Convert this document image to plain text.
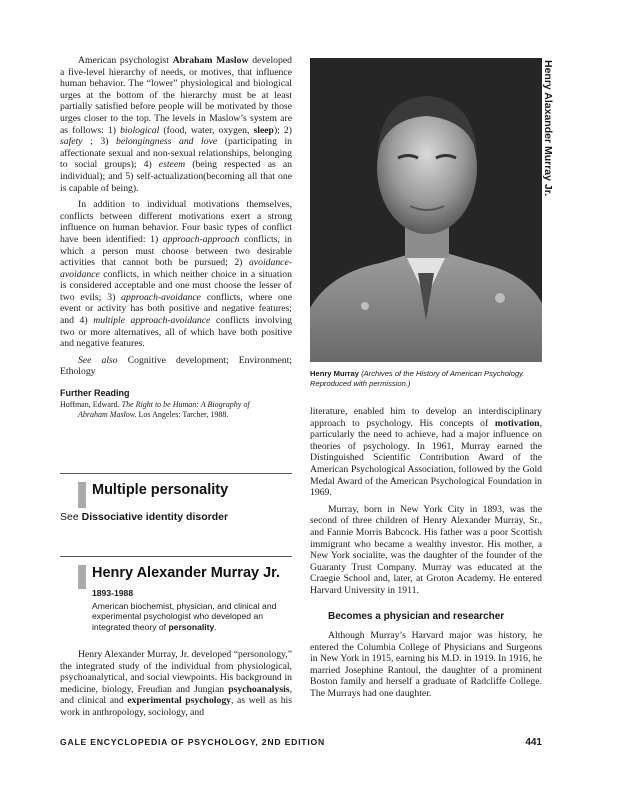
Henry Alaxander Murray Jr.

American psychologist Abraham Maslow developed a five-level hierarchy of needs, or motives, that influence human behavior. The “lower” physiological and biological urges at the bottom of the hierarchy must be at least partially satisfied before people will be motivated by those urges closer to the top. The levels in Maslow’s system are as follows: 1) biological (food, water, oxygen, sleep); 2) safety ; 3) belongingness and love (participating in affectionate sexual and non-sexual relationships, belonging to social groups); 4) esteem (being respected as an individual); and 5) self-actualization(becoming all that one is capable of being).

In addition to individual motivations themselves, conflicts between different motivations exert a strong influence on human behavior. Four basic types of conflict have been identified: 1) approach-approach conflicts, in which a person must choose between two desirable activities that cannot both be pursued; 2) avoidance-avoidance conflicts, in which neither choice in a situation is considered acceptable and one must choose the lesser of two evils; 3) approach-avoidance conflicts, where one event or activity has both positive and negative features; and 4) multiple approach-avoidance conflicts involving two or more alternatives, all of which have both positive and negative features.

See also Cognitive development; Environment; Ethology

Further Reading
Hoffman, Edward. The Right to be Human: A Biography of
Abraham Maslow. Los Angeles: Tarcher, 1988.
Multiple personality
See Dissociative identity disorder
Henry Alexander Murray Jr.
1893-1988
American biochemist, physician, and clinical and experimental psychologist who developed an integrated theory of personality.

Henry Alexander Murray, Jr. developed “personology,” the integrated study of the individual from physiological, psychoanalytical, and social viewpoints. His background in medicine, biology, Freudian and Jungian psychoanalysis, and clinical and experimental psychology, as well as his work in anthropology, sociology, and

Henry Murray (Archives of the History of American Psychology. Reproduced with permission.)

literature, enabled him to develop an interdisciplinary approach to psychology. His concepts of motivation, particularly the need to achieve, had a major influence on theories of psychology. In 1961, Murray earned the Distinguished Scientific Contribution Award of the American Psychological Association, followed by the Gold Medal Award of the American Psychological Foundation in 1969.

Murray, born in New York City in 1893, was the second of three children of Henry Alexander Murray, Sr., and Fannie Morris Babcock. His father was a poor Scottish immigrant who became a wealthy investor. His mother, a New York socialite, was the daughter of the founder of the Guaranty Trust Company. Murray was educated at the Craegie School and, later, at Groton Academy. He entered Harvard University in 1911.

Becomes a physician and researcher

Although Murray’s Harvard major was history, he entered the Columbia College of Physicians and Surgeons in New York in 1915, earning his M.D. in 1919. In 1916, he married Josephine Rantoul, the daughter of a prominent Boston family and herself a graduate of Radcliffe College. The Murrays had one daughter.

GALE ENCYCLOPEDIA OF PSYCHOLOGY, 2ND EDITION	441
